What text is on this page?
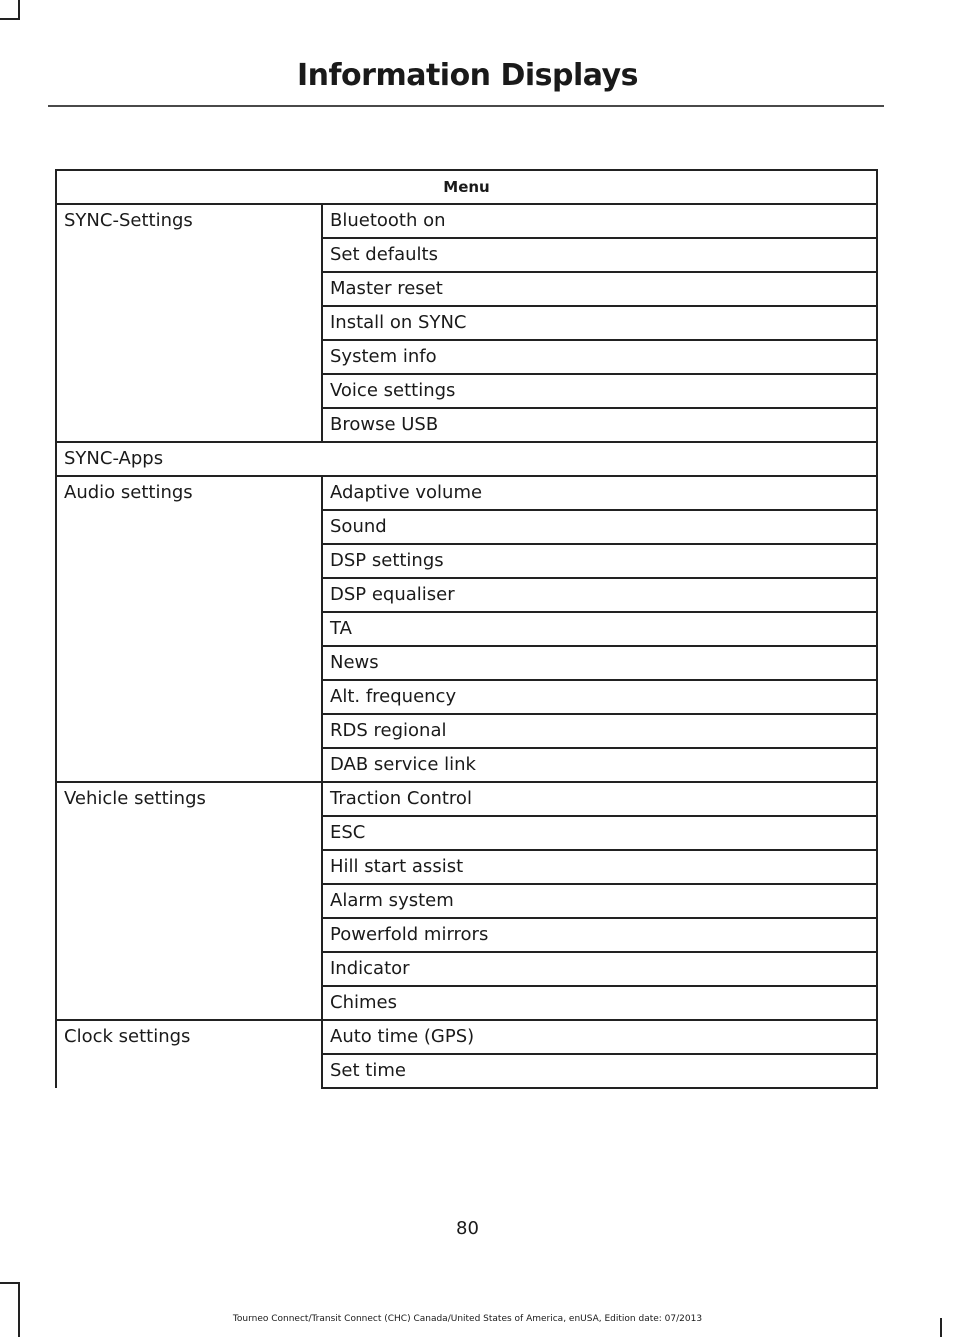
Information Displays
Menu	
SYNC-Settings	Bluetooth on
	Set defaults
	Master reset
	Install on SYNC
	System info
	Voice settings
	Browse USB
SYNC-Apps	
Audio settings	Adaptive volume
	Sound
	DSP settings
	DSP equaliser
	TA
	News
	Alt. frequency
	RDS regional
	DAB service link
Vehicle settings	Traction Control
	ESC
	Hill start assist
	Alarm system
	Powerfold mirrors
	Indicator
	Chimes
Clock settings	Auto time (GPS)
	Set time
80
Tourneo Connect/Transit Connect (CHC) Canada/United States of America, enUSA, Edition date: 07/2013
